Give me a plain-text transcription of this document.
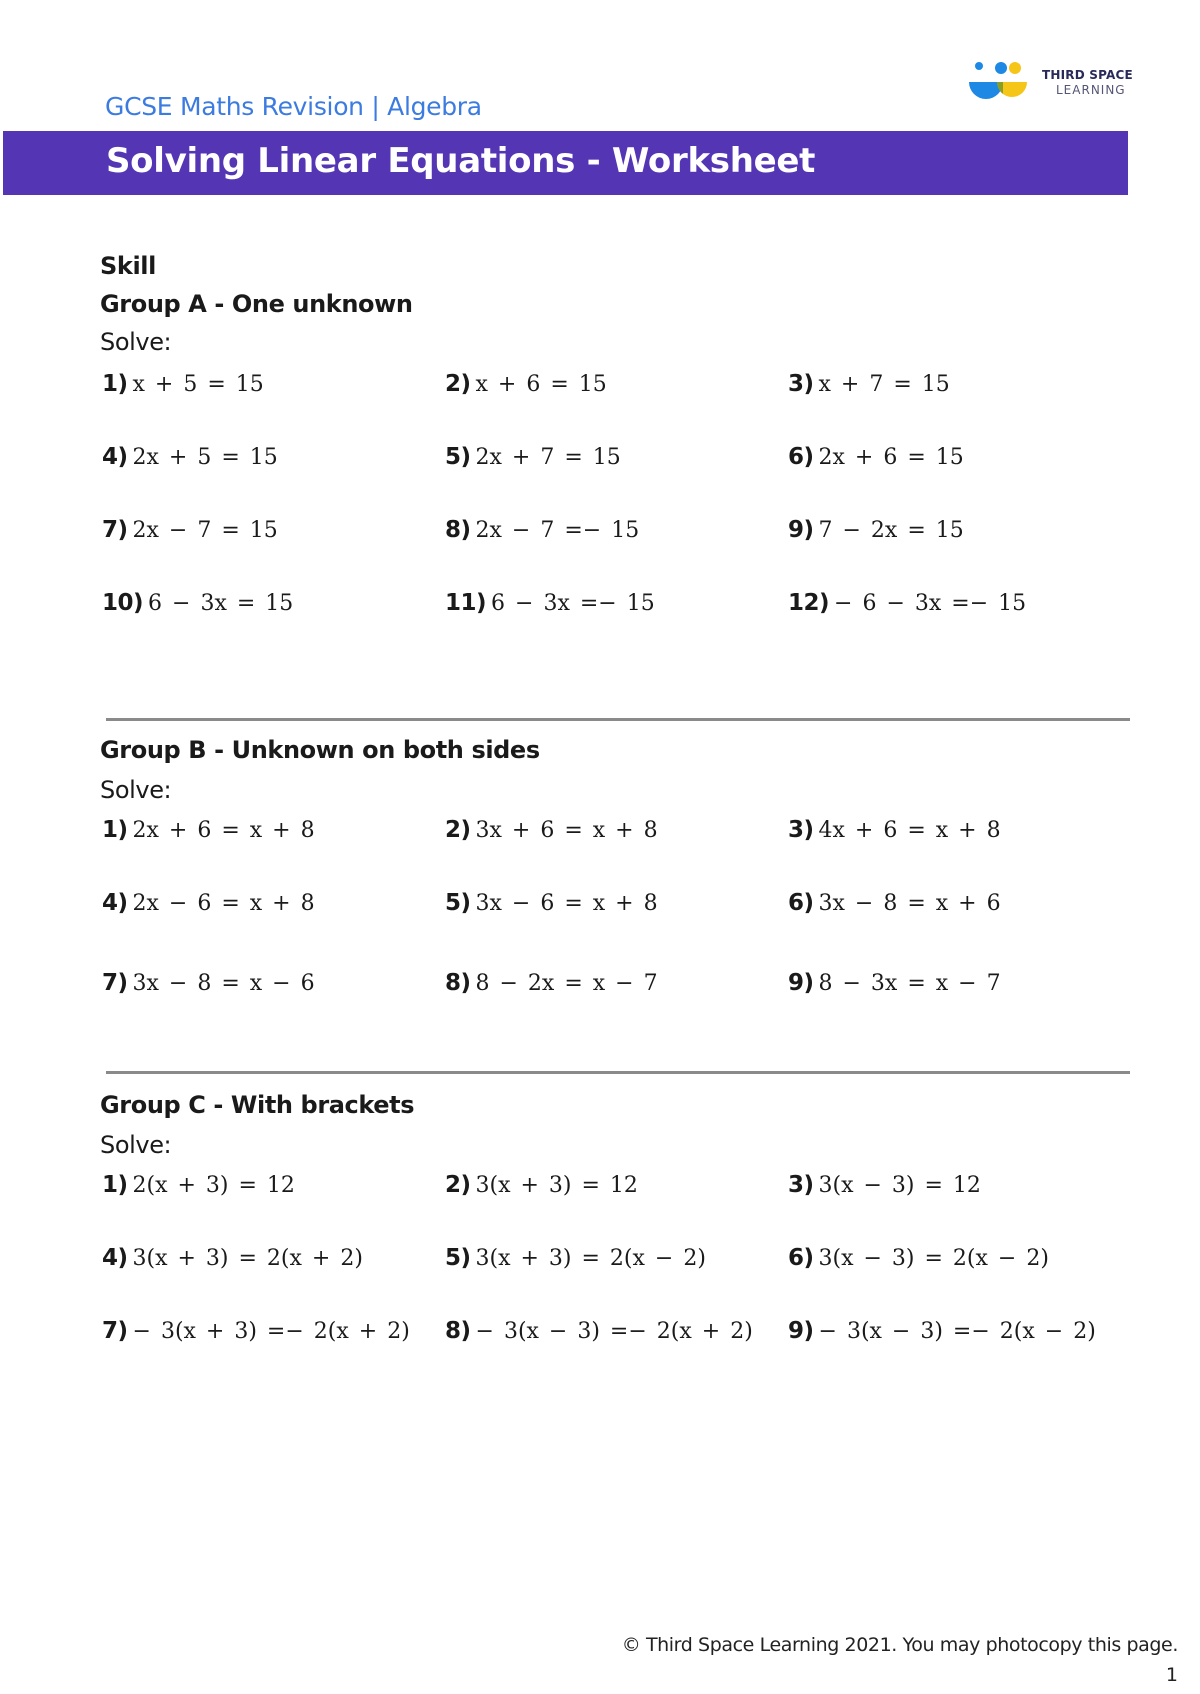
GCSE Maths Revision | Algebra
THIRD SPACE
LEARNING
Solving Linear Equations - Worksheet
Skill
Group A - One unknown
Solve:
1) x + 5 = 15	2) x + 6 = 15	3) x + 7 = 15
4) 2x + 5 = 15	5) 2x + 7 = 15	6) 2x + 6 = 15
7) 2x − 7 = 15	8) 2x − 7 =− 15	9) 7 − 2x = 15
10) 6 − 3x = 15	11) 6 − 3x =− 15	12) − 6 − 3x =− 15
Group B - Unknown on both sides
Solve:
1) 2x + 6 = x + 8	2) 3x + 6 = x + 8	3) 4x + 6 = x + 8
4) 2x − 6 = x + 8	5) 3x − 6 = x + 8	6) 3x − 8 = x + 6
7) 3x − 8 = x − 6	8) 8 − 2x = x − 7	9) 8 − 3x = x − 7
Group C - With brackets
Solve:
1) 2(x + 3) = 12	2) 3(x + 3) = 12	3) 3(x − 3) = 12
4) 3(x + 3) = 2(x + 2)	5) 3(x + 3) = 2(x − 2)	6) 3(x − 3) = 2(x − 2)
7) − 3(x + 3) =− 2(x + 2) 8) − 3(x − 3) =− 2(x + 2) 9) − 3(x − 3) =− 2(x − 2)
© Third Space Learning 2021. You may photocopy this page.
1
